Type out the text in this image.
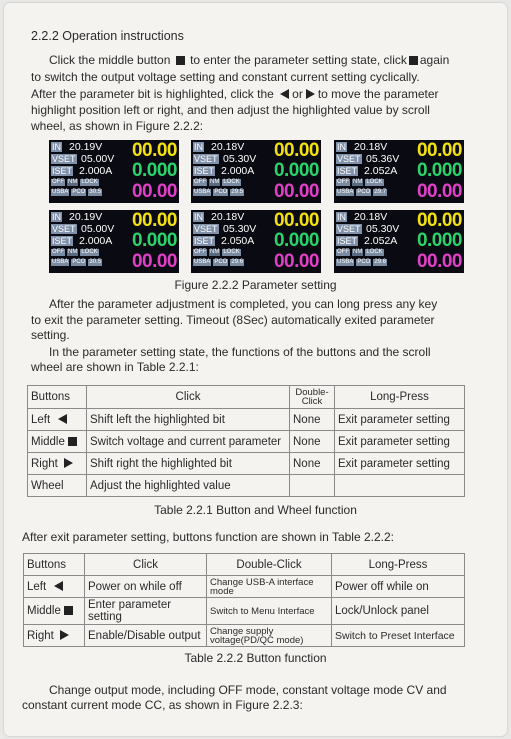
2.2.2 Operation instructions
Click the middle button to enter the parameter setting state, click again
to switch the output voltage setting and constant current setting cyclically.
After the parameter bit is highlighted, click the or to move the parameter
highlight position left or right, and then adjust the highlighted value by scroll
wheel, as shown in Figure 2.2.2:
IN 20.19V
VSET 05.00V
ISET 2.000A
OFF NM LOCK
USBA PCO 30.5
00.00
0.000
00.00
IN 20.18V
VSET 05.30V
ISET 2.000A
OFF NM LOCK
USBA PCO 29.5
00.00
0.000
00.00
IN 20.18V
VSET 05.36V
ISET 2.052A
OFF NM LOCK
USBA PCO 29.7
00.00
0.000
00.00
IN 20.19V
VSET 05.00V
ISET 2.000A
OFF NM LOCK
USBA PCO 30.5
00.00
0.000
00.00
IN 20.18V
VSET 05.30V
ISET 2.050A
OFF NM LOCK
USBA PCO 29.6
00.00
0.000
00.00
IN 20.18V
VSET 05.30V
ISET 2.052A
OFF NM LOCK
USBA PCO 29.6
00.00
0.000
00.00
Figure 2.2.2 Parameter setting
After the parameter adjustment is completed, you can long press any key
to exit the parameter setting. Timeout (8Sec) automatically exited parameter
setting.
In the parameter setting state, the functions of the buttons and the scroll
wheel are shown in Table 2.2.1:
Buttons	Click	Double-Click	Long-Press
Left	Shift left the highlighted bit	None	Exit parameter setting
Middle	Switch voltage and current parameter	None	Exit parameter setting
Right	Shift right the highlighted bit	None	Exit parameter setting
Wheel	Adjust the highlighted value		
Table 2.2.1 Button and Wheel function
After exit parameter setting, buttons function are shown in Table 2.2.2:
Buttons	Click	Double-Click	Long-Press
Left	Power on while off	Change USB-A interface mode	Power off while on
Middle	Enter parameter setting	Switch to Menu Interface	Lock/Unlock panel
Right	Enable/Disable output	Change supply voltage(PD/QC mode)	Switch to Preset Interface
Table 2.2.2 Button function
Change output mode, including OFF mode, constant voltage mode CV and
constant current mode CC, as shown in Figure 2.2.3:
